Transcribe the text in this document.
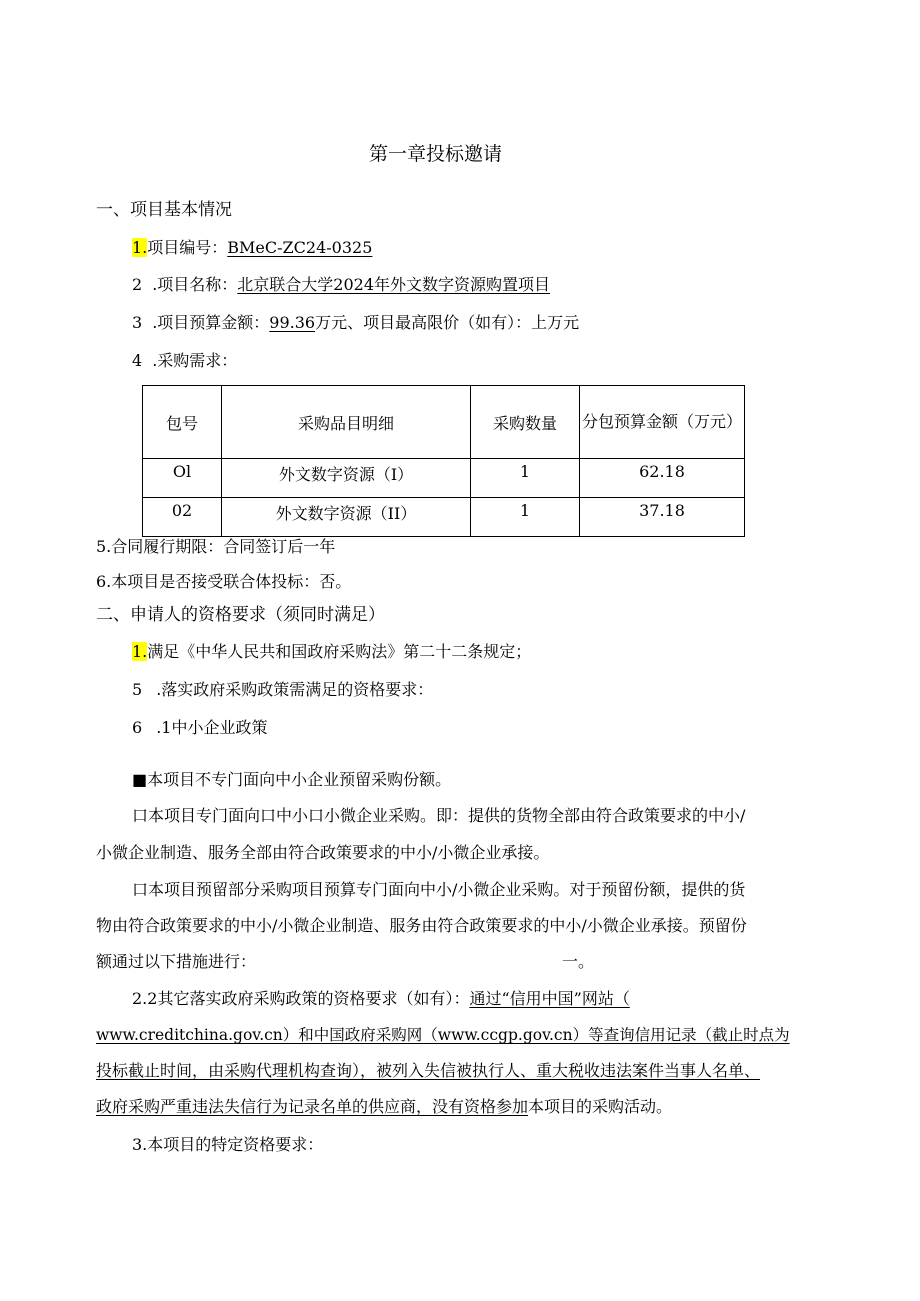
第一章投标邀请
一、项目基本情况
1.项目编号：BMeC-ZC24-0325
2 .项目名称：北京联合大学2024年外文数字资源购置项目
3 .项目预算金额：99.36万元、项目最高限价（如有）：上万元
4 .采购需求：
包号	采购品目明细	采购数量	分包预算金额（万元）
Ol	外文数字资源（I）	1	62.18
02	外文数字资源（II）	1	37.18
5.合同履行期限：合同签订后一年
6.本项目是否接受联合体投标：否。
二、申请人的资格要求（须同时满足）
1.满足《中华人民共和国政府采购法》第二十二条规定；
5 .落实政府采购政策需满足的资格要求：
6 .1中小企业政策
■本项目不专门面向中小企业预留采购份额。
口本项目专门面向口中小口小微企业采购。即：提供的货物全部由符合政策要求的中小/
小微企业制造、服务全部由符合政策要求的中小/小微企业承接。
口本项目预留部分采购项目预算专门面向中小/小微企业采购。对于预留份额，提供的货
物由符合政策要求的中小/小微企业制造、服务由符合政策要求的中小/小微企业承接。预留份
额通过以下措施进行：	一。
2.2其它落实政府采购政策的资格要求（如有）：通过“信用中国”网站（
www.creditchina.gov.cn）和中国政府采购网（www.ccgp.gov.cn）等查询信用记录（截止时点为
投标截止时间，由采购代理机构查询），被列入失信被执行人、重大税收违法案件当事人名单、
政府采购严重违法失信行为记录名单的供应商，没有资格参加本项目的采购活动。
3.本项目的特定资格要求：
